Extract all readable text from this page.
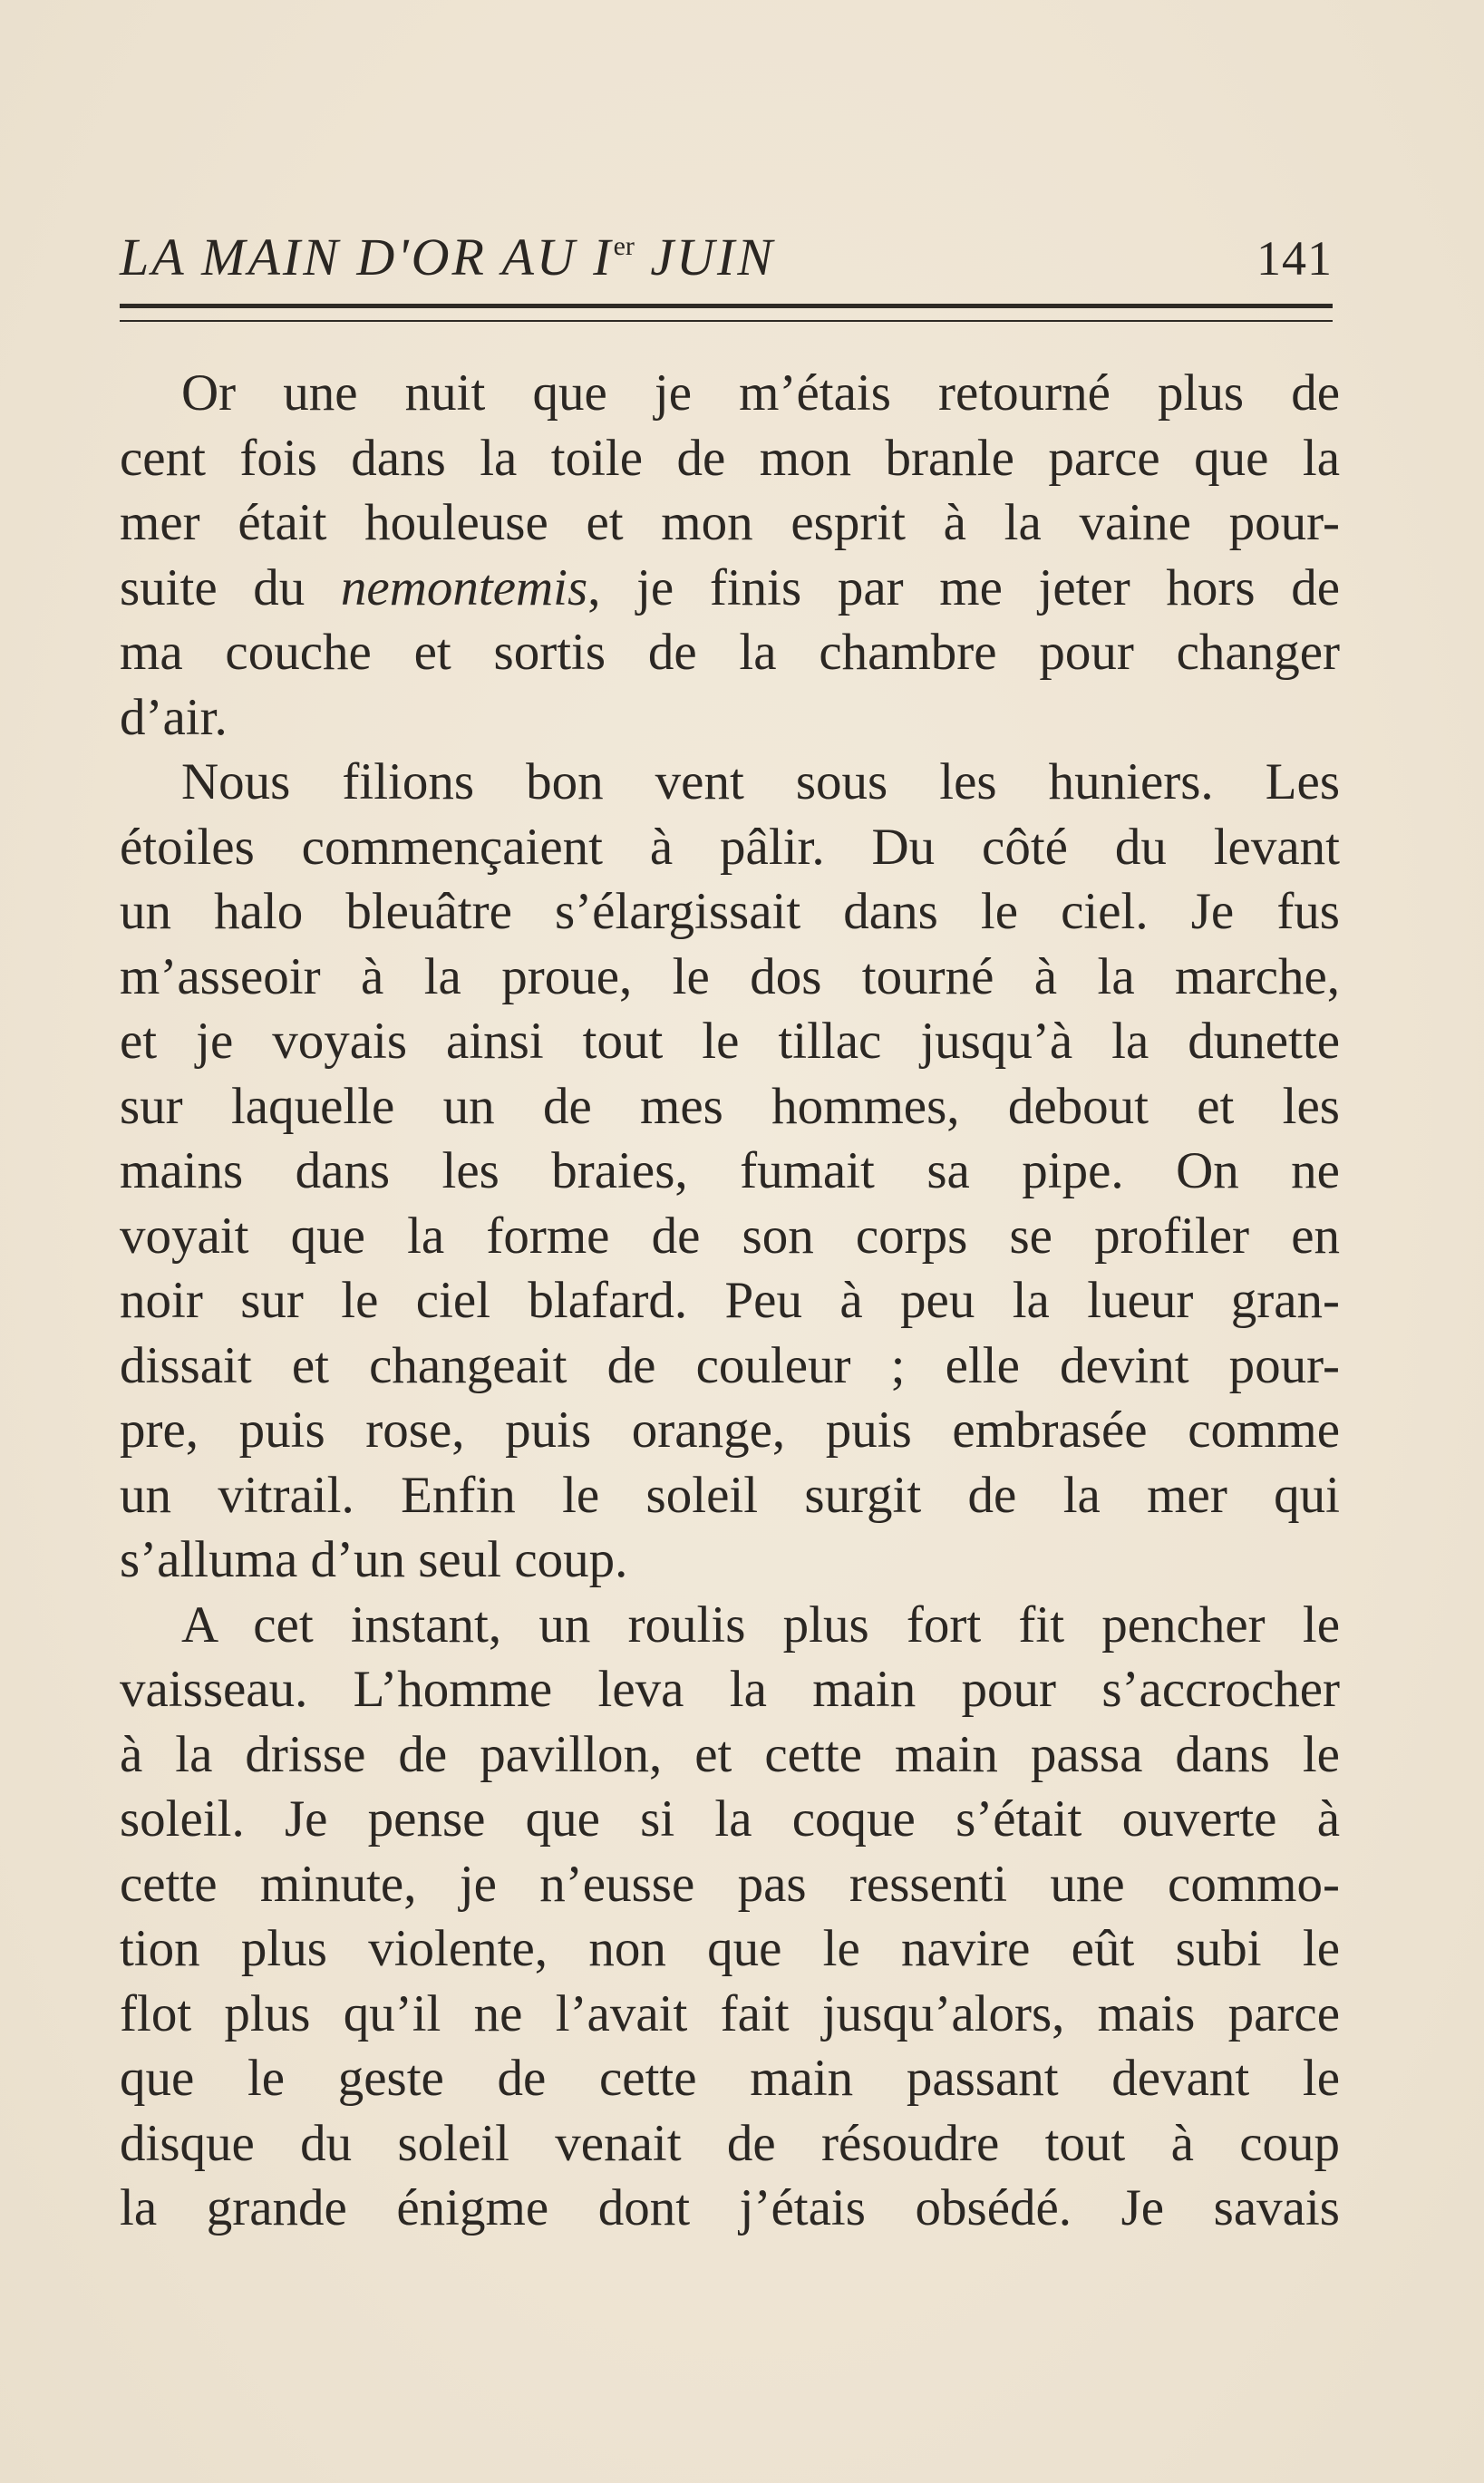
LA MAIN D'OR AU Ier JUIN	141
Or une nuit que je m’étais retourné plus de
cent fois dans la toile de mon branle parce que la
mer était houleuse et mon esprit à la vaine pour-
suite du nemontemis, je finis par me jeter hors de
ma couche et sortis de la chambre pour changer
d’air.
Nous filions bon vent sous les huniers. Les
étoiles commençaient à pâlir. Du côté du levant
un halo bleuâtre s’élargissait dans le ciel. Je fus
m’asseoir à la proue, le dos tourné à la marche,
et je voyais ainsi tout le tillac jusqu’à la dunette
sur laquelle un de mes hommes, debout et les
mains dans les braies, fumait sa pipe. On ne
voyait que la forme de son corps se profiler en
noir sur le ciel blafard. Peu à peu la lueur gran-
dissait et changeait de couleur ; elle devint pour-
pre, puis rose, puis orange, puis embrasée comme
un vitrail. Enfin le soleil surgit de la mer qui
s’alluma d’un seul coup.
A cet instant, un roulis plus fort fit pencher le
vaisseau. L’homme leva la main pour s’accrocher
à la drisse de pavillon, et cette main passa dans le
soleil. Je pense que si la coque s’était ouverte à
cette minute, je n’eusse pas ressenti une commo-
tion plus violente, non que le navire eût subi le
flot plus qu’il ne l’avait fait jusqu’alors, mais parce
que le geste de cette main passant devant le
disque du soleil venait de résoudre tout à coup
la grande énigme dont j’étais obsédé. Je savais
